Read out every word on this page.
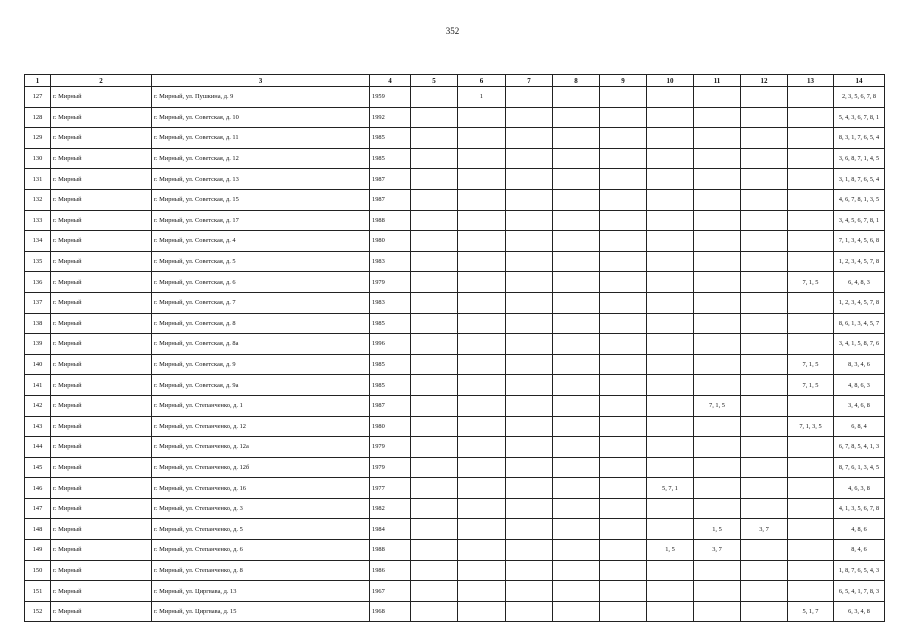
352
1	2	3	4	5	6	7	8	9	10	11	12	13	14
127	г. Мирный	г. Мирный, ул. Пушкина, д. 9	1959		1								2, 3, 5, 6, 7, 8
128	г. Мирный	г. Мирный, ул. Советская, д. 10	1992										5, 4, 3, 6, 7, 8, 1
129	г. Мирный	г. Мирный, ул. Советская, д. 11	1985										8, 3, 1, 7, 6, 5, 4
130	г. Мирный	г. Мирный, ул. Советская, д. 12	1985										3, 6, 8, 7, 1, 4, 5
131	г. Мирный	г. Мирный, ул. Советская, д. 13	1987										3, 1, 8, 7, 6, 5, 4
132	г. Мирный	г. Мирный, ул. Советская, д. 15	1987										4, 6, 7, 8, 1, 3, 5
133	г. Мирный	г. Мирный, ул. Советская, д. 17	1988										3, 4, 5, 6, 7, 8, 1
134	г. Мирный	г. Мирный, ул. Советская, д. 4	1980										7, 1, 3, 4, 5, 6, 8
135	г. Мирный	г. Мирный, ул. Советская, д. 5	1983										1, 2, 3, 4, 5, 7, 8
136	г. Мирный	г. Мирный, ул. Советская, д. 6	1979									7, 1, 5	6, 4, 8, 3
137	г. Мирный	г. Мирный, ул. Советская, д. 7	1983										1, 2, 3, 4, 5, 7, 8
138	г. Мирный	г. Мирный, ул. Советская, д. 8	1985										8, 6, 1, 3, 4, 5, 7
139	г. Мирный	г. Мирный, ул. Советская, д. 8а	1996										3, 4, 1, 5, 8, 7, 6
140	г. Мирный	г. Мирный, ул. Советская, д. 9	1985									7, 1, 5	8, 3, 4, 6
141	г. Мирный	г. Мирный, ул. Советская, д. 9а	1985									7, 1, 5	4, 8, 6, 3
142	г. Мирный	г. Мирный, ул. Степанченко, д. 1	1987							7, 1, 5			3, 4, 6, 8
143	г. Мирный	г. Мирный, ул. Степанченко, д. 12	1980									7, 1, 3, 5	6, 8, 4
144	г. Мирный	г. Мирный, ул. Степанченко, д. 12а	1979										6, 7, 8, 5, 4, 1, 3
145	г. Мирный	г. Мирный, ул. Степанченко, д. 12б	1979										8, 7, 6, 1, 3, 4, 5
146	г. Мирный	г. Мирный, ул. Степанченко, д. 16	1977						5, 7, 1				4, 6, 3, 8
147	г. Мирный	г. Мирный, ул. Степанченко, д. 3	1982										4, 1, 3, 5, 6, 7, 8
148	г. Мирный	г. Мирный, ул. Степанченко, д. 5	1984							1, 5	3, 7		4, 8, 6
149	г. Мирный	г. Мирный, ул. Степанченко, д. 6	1988						1, 5	3, 7			8, 4, 6
150	г. Мирный	г. Мирный, ул. Степанченко, д. 8	1986										1, 8, 7, 6, 5, 4, 3
151	г. Мирный	г. Мирный, ул. Циргвава, д. 13	1967										6, 5, 4, 1, 7, 8, 3
152	г. Мирный	г. Мирный, ул. Циргвава, д. 15	1968									5, 1, 7	6, 3, 4, 8
